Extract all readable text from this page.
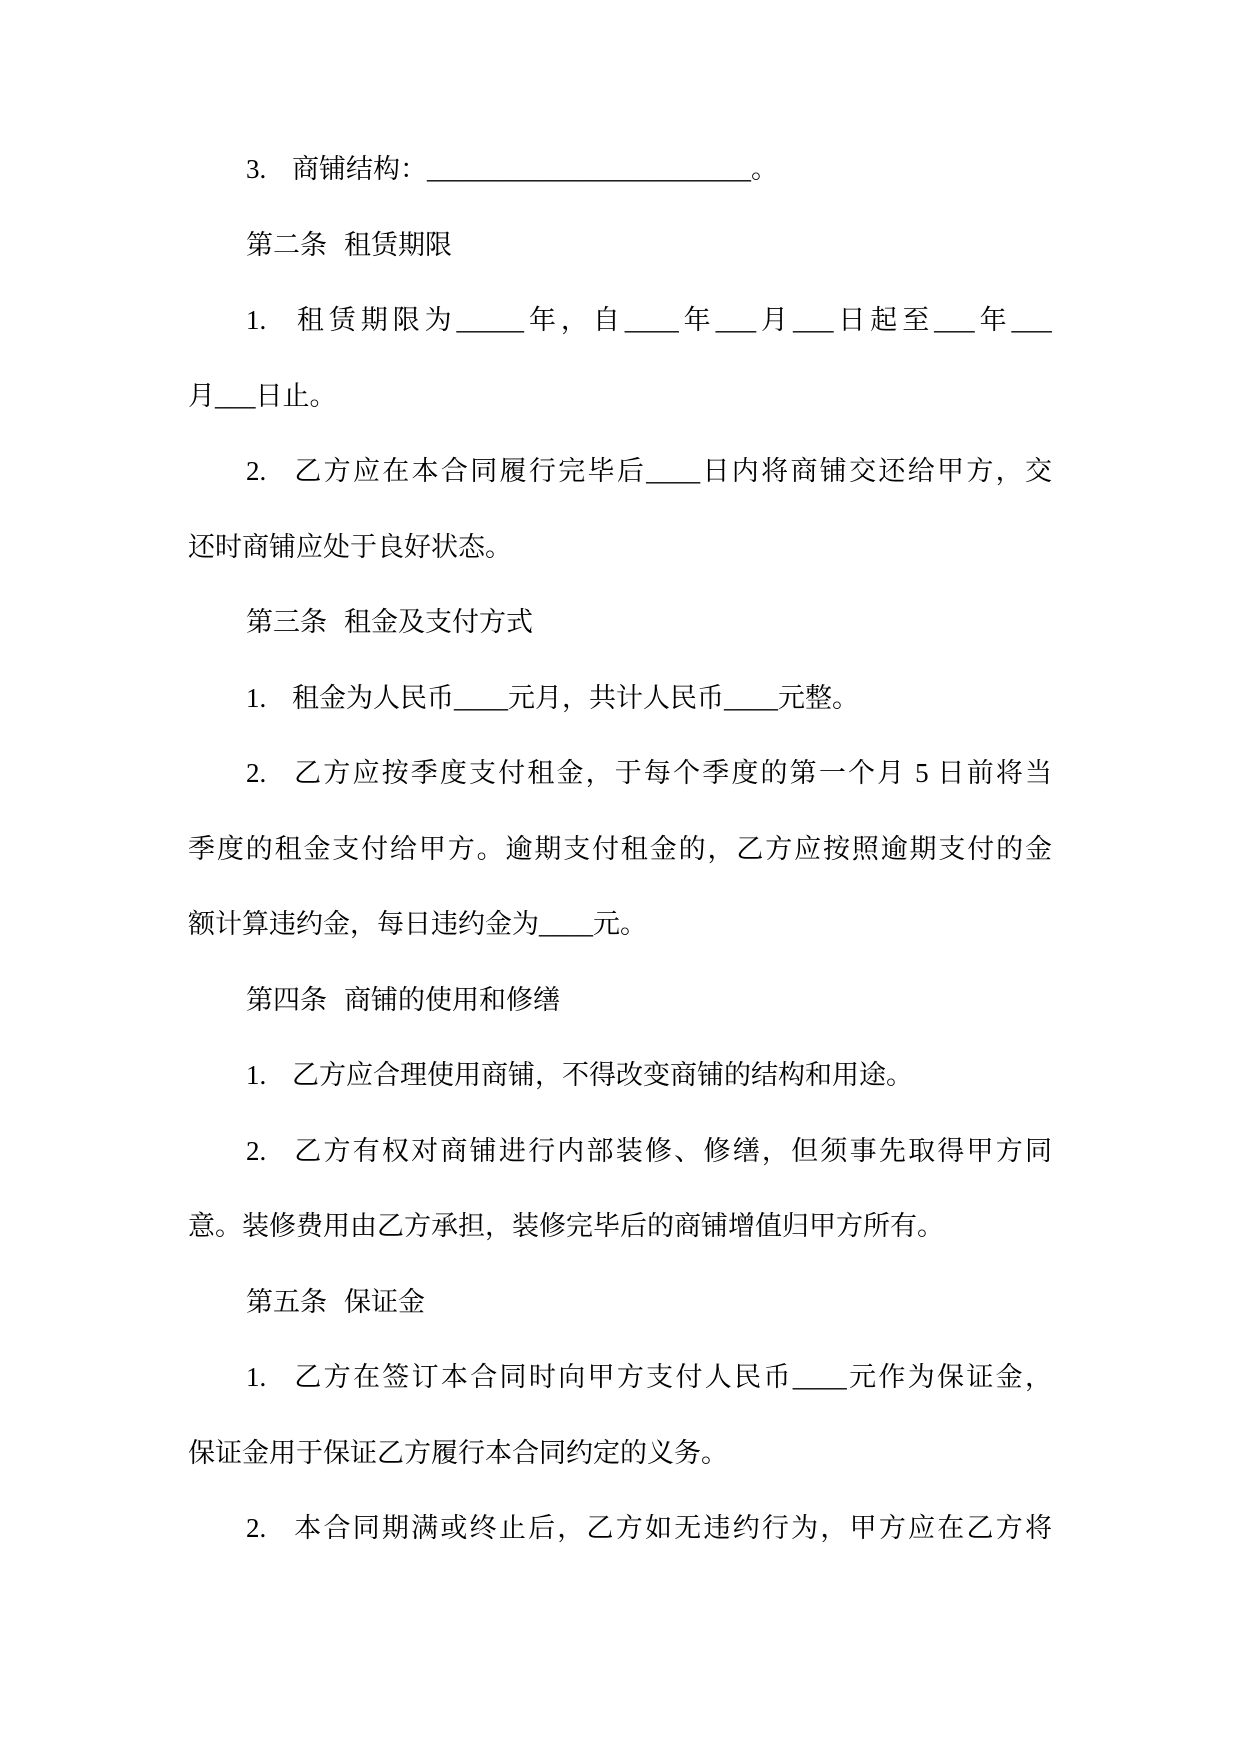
3. 商铺结构：________________________。
第二条 租赁期限
1. 租赁期限为_____年，自____年___月___日起至___年___
月___日止。
2. 乙方应在本合同履行完毕后____日内将商铺交还给甲方，交
还时商铺应处于良好状态。
第三条 租金及支付方式
1. 租金为人民币____元月，共计人民币____元整。
2. 乙方应按季度支付租金，于每个季度的第一个月 5 日前将当
季度的租金支付给甲方。逾期支付租金的，乙方应按照逾期支付的金
额计算违约金，每日违约金为____元。
第四条 商铺的使用和修缮
1. 乙方应合理使用商铺，不得改变商铺的结构和用途。
2. 乙方有权对商铺进行内部装修、修缮，但须事先取得甲方同
意。装修费用由乙方承担，装修完毕后的商铺增值归甲方所有。
第五条 保证金
1. 乙方在签订本合同时向甲方支付人民币____元作为保证金，
保证金用于保证乙方履行本合同约定的义务。
2. 本合同期满或终止后，乙方如无违约行为，甲方应在乙方将
